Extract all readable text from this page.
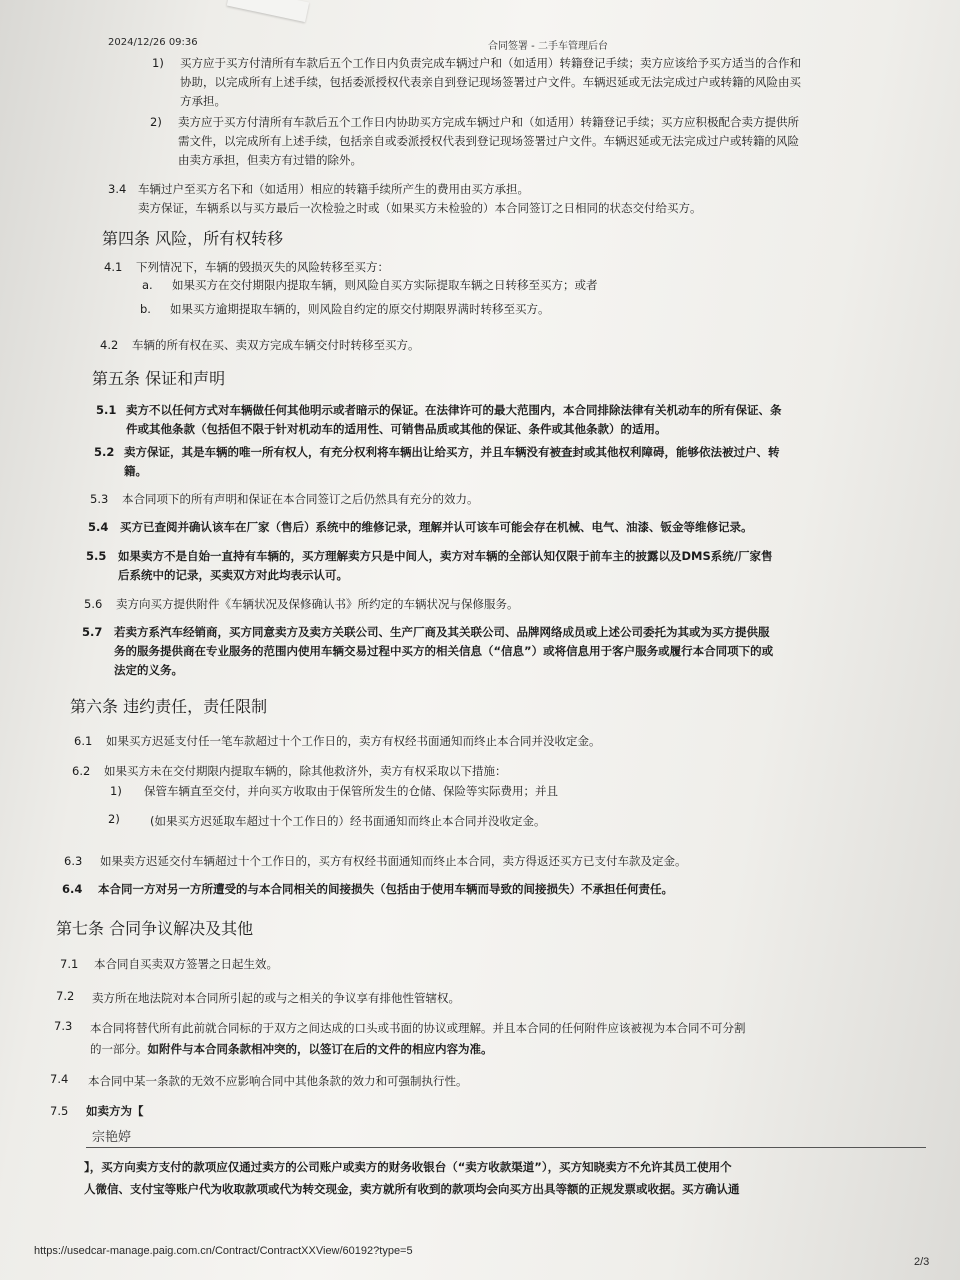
2024/12/26 09:36	合同签署 - 二手车管理后台
1) 买方应于买方付清所有车款后五个工作日内负责完成车辆过户和（如适用）转籍登记手续；卖方应该给予买方适当的合作和
协助，以完成所有上述手续，包括委派授权代表亲自到登记现场签署过户文件。车辆迟延或无法完成过户或转籍的风险由买
方承担。
2) 卖方应于买方付清所有车款后五个工作日内协助买方完成车辆过户和（如适用）转籍登记手续；买方应积极配合卖方提供所
需文件，以完成所有上述手续，包括亲自或委派授权代表到登记现场签署过户文件。车辆迟延或无法完成过户或转籍的风险
由卖方承担，但卖方有过错的除外。
3.4 车辆过户至买方名下和（如适用）相应的转籍手续所产生的费用由买方承担。
卖方保证，车辆系以与买方最后一次检验之时或（如果买方未检验的）本合同签订之日相同的状态交付给买方。
第四条 风险，所有权转移
4.1 下列情况下，车辆的毁损灭失的风险转移至买方：
a. 如果买方在交付期限内提取车辆，则风险自买方实际提取车辆之日转移至买方；或者
b. 如果买方逾期提取车辆的，则风险自约定的原交付期限界满时转移至买方。
4.2 车辆的所有权在买、卖双方完成车辆交付时转移至买方。
第五条 保证和声明
5.1 卖方不以任何方式对车辆做任何其他明示或者暗示的保证。在法律许可的最大范围内，本合同排除法律有关机动车的所有保证、条
件或其他条款（包括但不限于针对机动车的适用性、可销售品质或其他的保证、条件或其他条款）的适用。
5.2 卖方保证，其是车辆的唯一所有权人，有充分权利将车辆出让给买方，并且车辆没有被查封或其他权利障碍，能够依法被过户、转
籍。
5.3 本合同项下的所有声明和保证在本合同签订之后仍然具有充分的效力。
5.4 买方已查阅并确认该车在厂家（售后）系统中的维修记录，理解并认可该车可能会存在机械、电气、油漆、钣金等维修记录。
5.5 如果卖方不是自始一直持有车辆的，买方理解卖方只是中间人，卖方对车辆的全部认知仅限于前车主的披露以及DMS系统/厂家售
后系统中的记录，买卖双方对此均表示认可。
5.6 卖方向买方提供附件《车辆状况及保修确认书》所约定的车辆状况与保修服务。
5.7 若卖方系汽车经销商，买方同意卖方及卖方关联公司、生产厂商及其关联公司、品牌网络成员或上述公司委托为其或为买方提供服
务的服务提供商在专业服务的范围内使用车辆交易过程中买方的相关信息（“信息”）或将信息用于客户服务或履行本合同项下的或
法定的义务。
第六条 违约责任，责任限制
6.1 如果买方迟延支付任一笔车款超过十个工作日的，卖方有权经书面通知而终止本合同并没收定金。
6.2 如果买方未在交付期限内提取车辆的，除其他救济外，卖方有权采取以下措施：
1) 保管车辆直至交付，并向买方收取由于保管所发生的仓储、保险等实际费用；并且
2)	(如果买方迟延取车超过十个工作日的）经书面通知而终止本合同并没收定金。
6.3 如果卖方迟延交付车辆超过十个工作日的，买方有权经书面通知而终止本合同，卖方得返还买方已支付车款及定金。
6.4 本合同一方对另一方所遭受的与本合同相关的间接损失（包括由于使用车辆而导致的间接损失）不承担任何责任。
第七条 合同争议解决及其他
7.1 本合同自买卖双方签署之日起生效。
7.2 卖方所在地法院对本合同所引起的或与之相关的争议享有排他性管辖权。
7.3 本合同将替代所有此前就合同标的于双方之间达成的口头或书面的协议或理解。并且本合同的任何附件应该被视为本合同不可分割
的一部分。如附件与本合同条款相冲突的，以签订在后的文件的相应内容为准。
7.4 本合同中某一条款的无效不应影响合同中其他条款的效力和可强制执行性。
7.5 如卖方为【
宗艳婷
】，买方向卖方支付的款项应仅通过卖方的公司账户或卖方的财务收银台（“卖方收款渠道”），买方知晓卖方不允许其员工使用个
人微信、支付宝等账户代为收取款项或代为转交现金，卖方就所有收到的款项均会向买方出具等额的正规发票或收据。买方确认通
https://usedcar-manage.paig.com.cn/Contract/ContractXXView/60192?type=5
2/3
